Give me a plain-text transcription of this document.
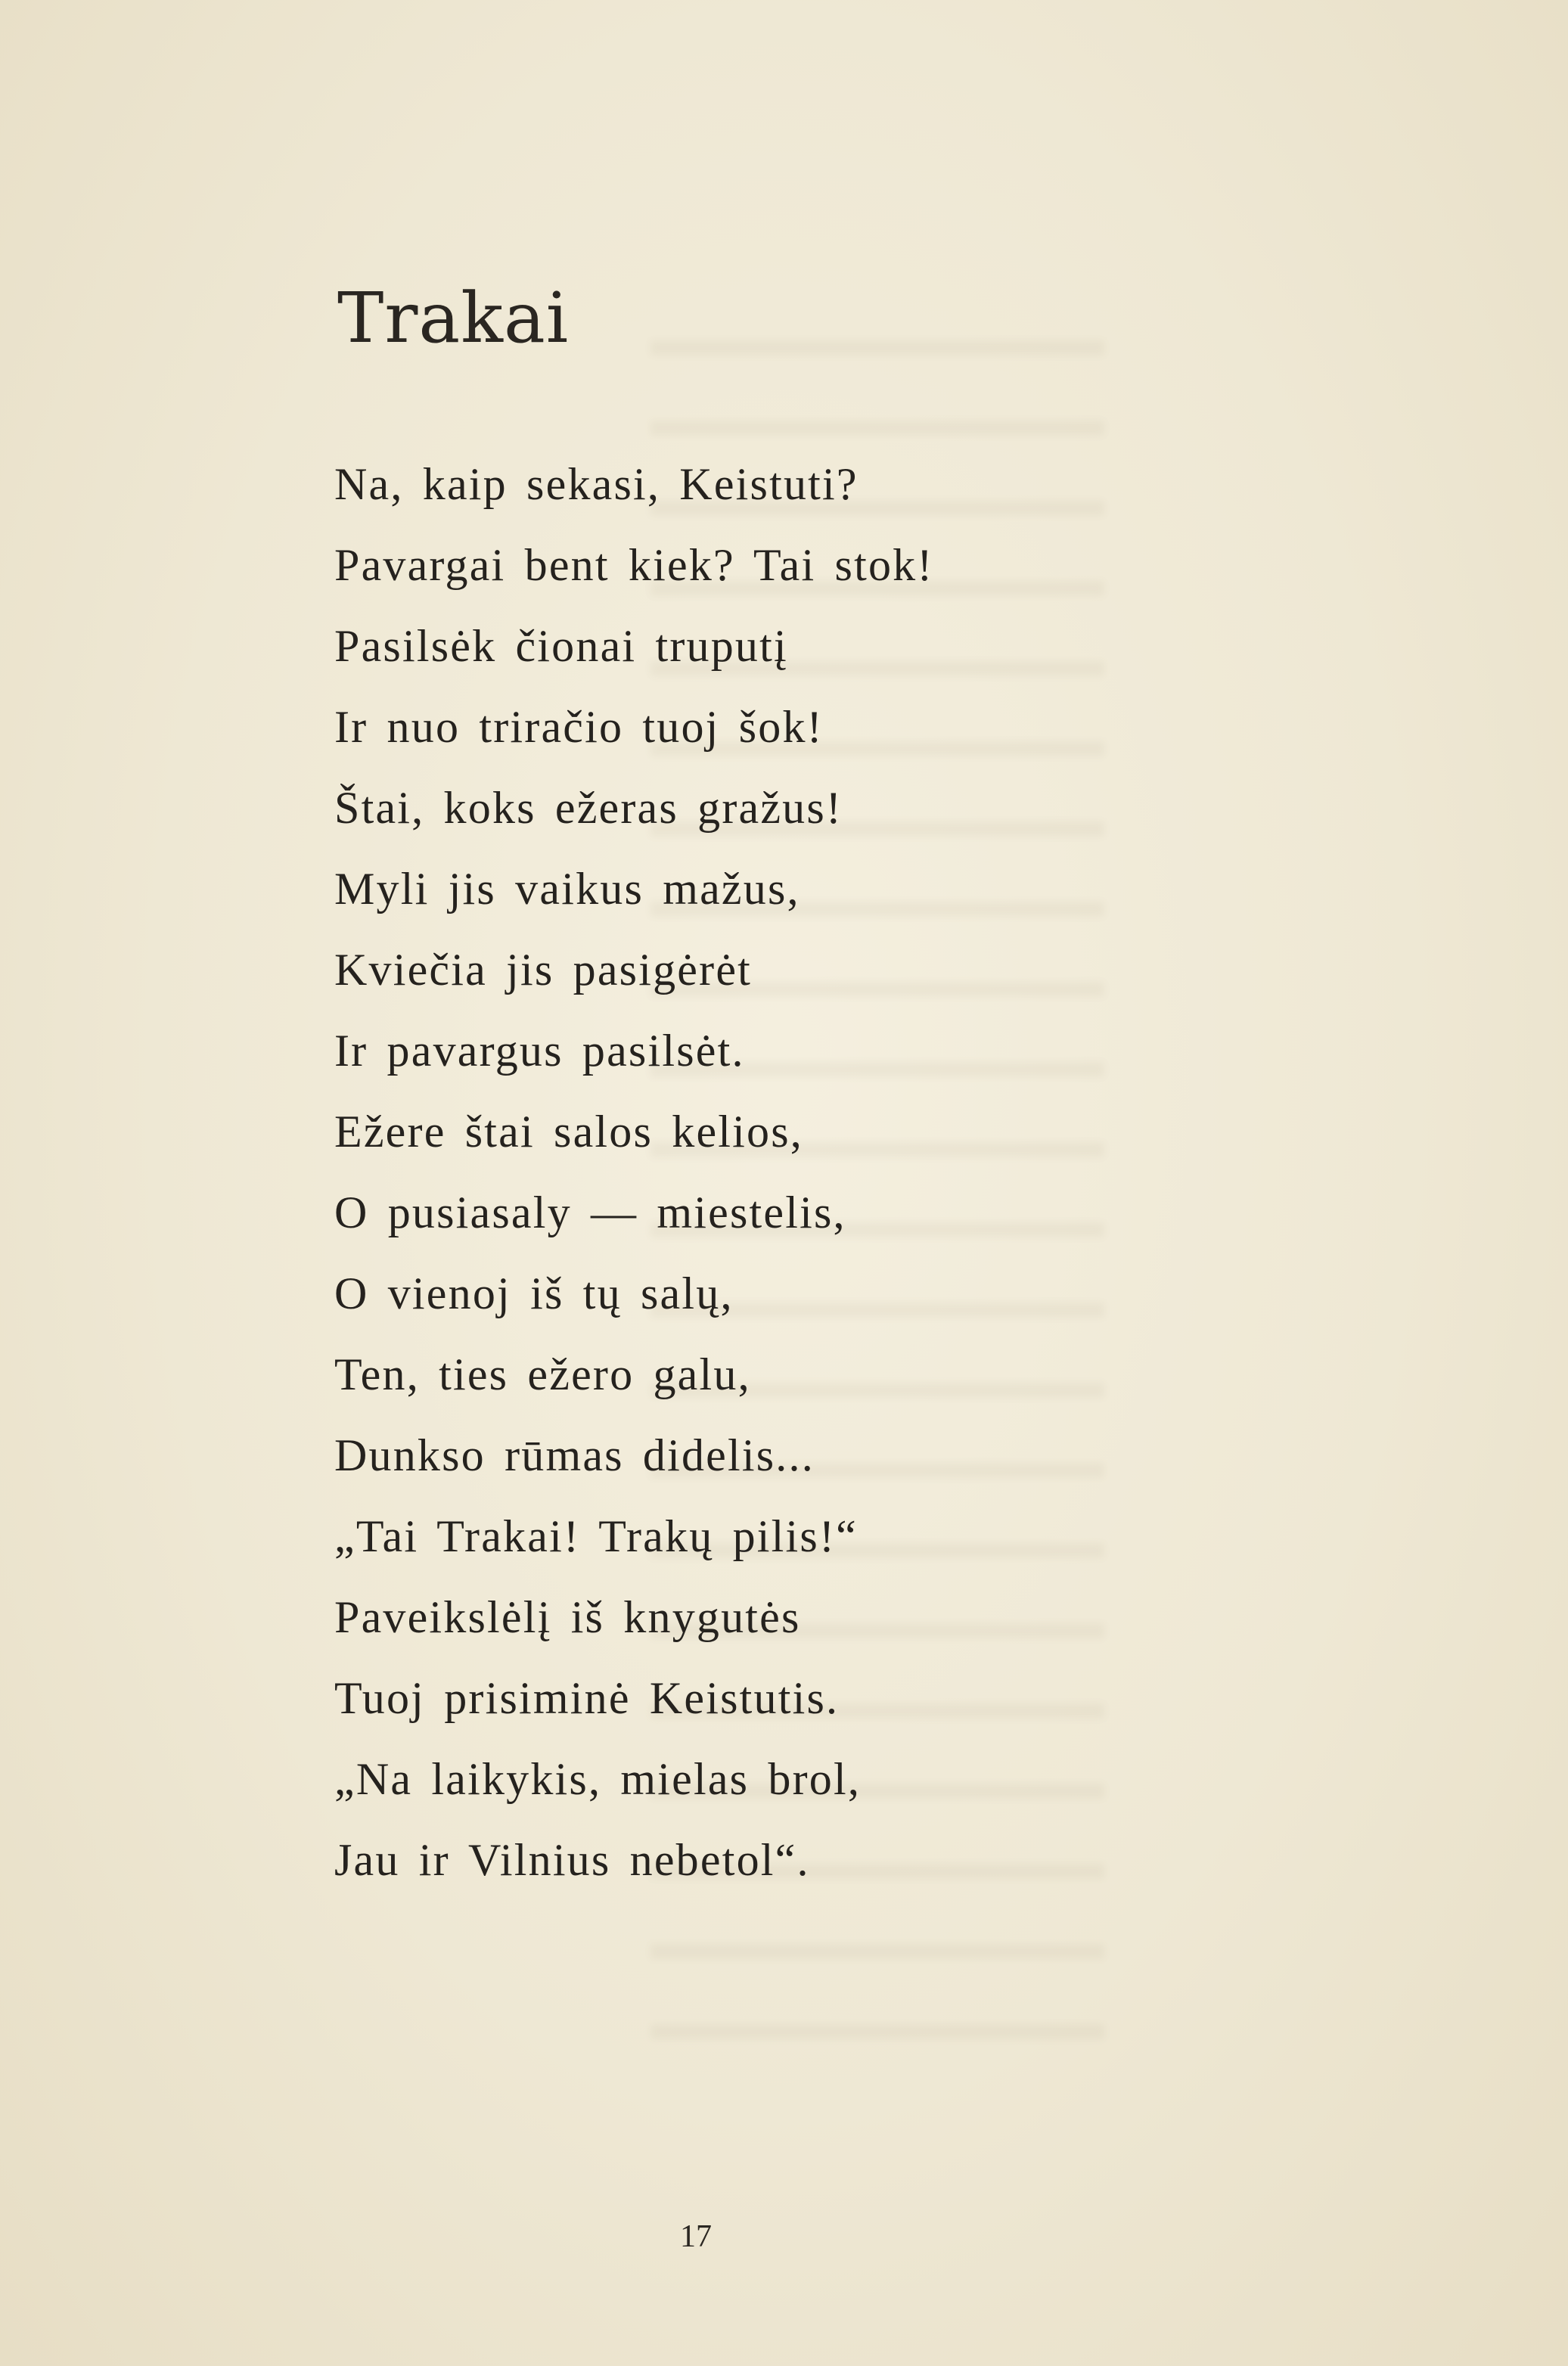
Trakai
Na, kaip sekasi, Keistuti?
Pavargai bent kiek? Tai stok!
Pasilsėk čionai truputį
Ir nuo triračio tuoj šok!
Štai, koks ežeras gražus!
Myli jis vaikus mažus,
Kviečia jis pasigėrėt
Ir pavargus pasilsėt.
Ežere štai salos kelios,
O pusiasaly — miestelis,
O vienoj iš tų salų,
Ten, ties ežero galu,
Dunkso rūmas didelis...
„Tai Trakai! Trakų pilis!“
Paveikslėlį iš knygutės
Tuoj prisiminė Keistutis.
„Na laikykis, mielas brol,
Jau ir Vilnius nebetol“.
17
